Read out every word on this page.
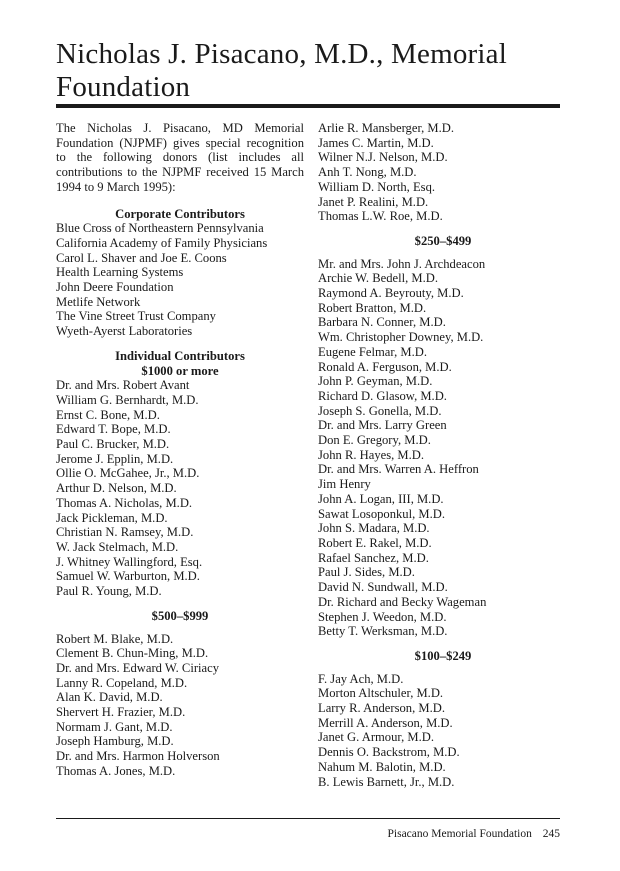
Nicholas J. Pisacano, M.D., Memorial Foundation

The Nicholas J. Pisacano, MD Memorial Foundation (NJPMF) gives special recognition to the following donors (list includes all contributions to the NJPMF received 15 March 1994 to 9 March 1995):

Corporate Contributors
Blue Cross of Northeastern Pennsylvania
California Academy of Family Physicians
Carol L. Shaver and Joe E. Coons
Health Learning Systems
John Deere Foundation
Metlife Network
The Vine Street Trust Company
Wyeth-Ayerst Laboratories
Individual Contributors
$1000 or more
Dr. and Mrs. Robert Avant
William G. Bernhardt, M.D.
Ernst C. Bone, M.D.
Edward T. Bope, M.D.
Paul C. Brucker, M.D.
Jerome J. Epplin, M.D.
Ollie O. McGahee, Jr., M.D.
Arthur D. Nelson, M.D.
Thomas A. Nicholas, M.D.
Jack Pickleman, M.D.
Christian N. Ramsey, M.D.
W. Jack Stelmach, M.D.
J. Whitney Wallingford, Esq.
Samuel W. Warburton, M.D.
Paul R. Young, M.D.
$500–$999
Robert M. Blake, M.D.
Clement B. Chun-Ming, M.D.
Dr. and Mrs. Edward W. Ciriacy
Lanny R. Copeland, M.D.
Alan K. David, M.D.
Shervert H. Frazier, M.D.
Normam J. Gant, M.D.
Joseph Hamburg, M.D.
Dr. and Mrs. Harmon Holverson
Thomas A. Jones, M.D.
Arlie R. Mansberger, M.D.
James C. Martin, M.D.
Wilner N.J. Nelson, M.D.
Anh T. Nong, M.D.
William D. North, Esq.
Janet P. Realini, M.D.
Thomas L.W. Roe, M.D.
$250–$499
Mr. and Mrs. John J. Archdeacon
Archie W. Bedell, M.D.
Raymond A. Beyrouty, M.D.
Robert Bratton, M.D.
Barbara N. Conner, M.D.
Wm. Christopher Downey, M.D.
Eugene Felmar, M.D.
Ronald A. Ferguson, M.D.
John P. Geyman, M.D.
Richard D. Glasow, M.D.
Joseph S. Gonella, M.D.
Dr. and Mrs. Larry Green
Don E. Gregory, M.D.
John R. Hayes, M.D.
Dr. and Mrs. Warren A. Heffron
Jim Henry
John A. Logan, III, M.D.
Sawat Losoponkul, M.D.
John S. Madara, M.D.
Robert E. Rakel, M.D.
Rafael Sanchez, M.D.
Paul J. Sides, M.D.
David N. Sundwall, M.D.
Dr. Richard and Becky Wageman
Stephen J. Weedon, M.D.
Betty T. Werksman, M.D.
$100–$249
F. Jay Ach, M.D.
Morton Altschuler, M.D.
Larry R. Anderson, M.D.
Merrill A. Anderson, M.D.
Janet G. Armour, M.D.
Dennis O. Backstrom, M.D.
Nahum M. Balotin, M.D.
B. Lewis Barnett, Jr., M.D.
Pisacano Memorial Foundation 245
